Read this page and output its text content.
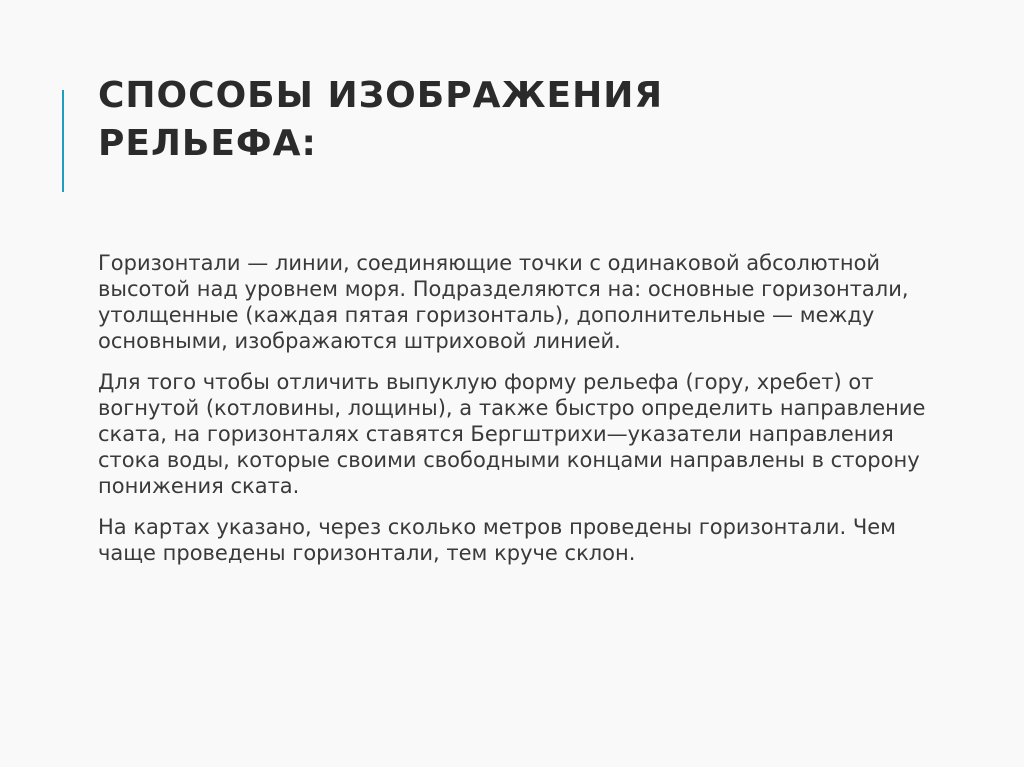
СПОСОБЫ ИЗОБРАЖЕНИЯ
РЕЛЬЕФА:

Горизонтали — линии, соединяющие точки с одинаковой абсолютной высотой над уровнем моря. Подразделяются на: основные горизонтали, утолщенные (каждая пятая горизонталь), дополнительные — между основными, изображаются штриховой линией.

Для того чтобы отличить выпуклую форму рельефа (гору, хребет) от вогнутой (котловины, лощины), а также быстро определить направление ската, на горизонталях ставятся Бергштрихи—указатели направления стока воды, которые своими свободными концами направлены в сторону понижения ската.

На картах указано, через сколько метров проведены горизонтали. Чем чаще проведены горизонтали, тем круче склон.
